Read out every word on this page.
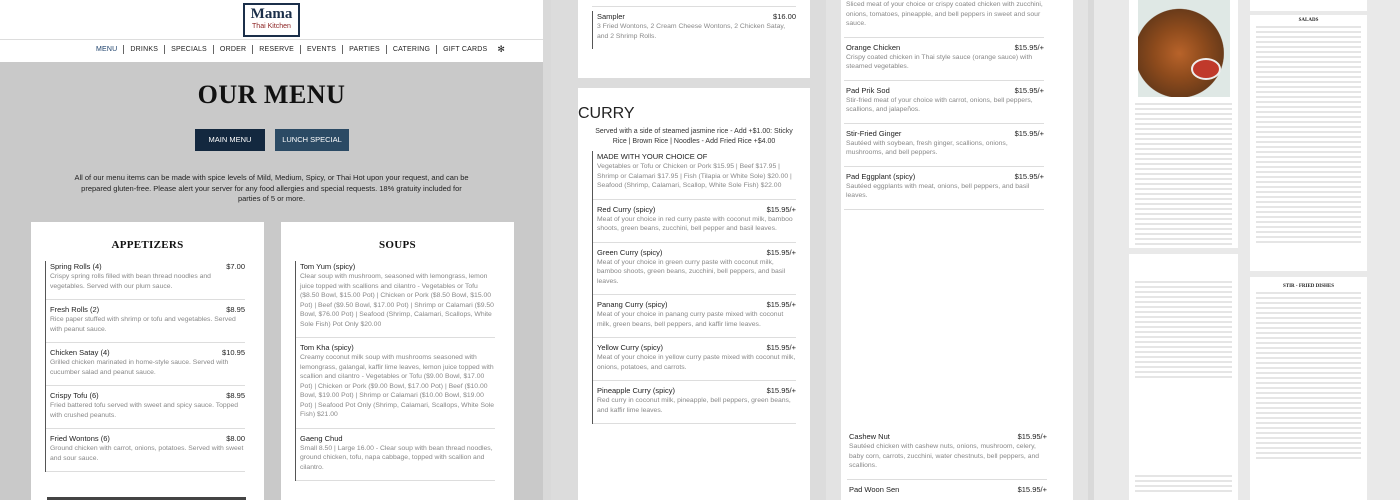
Mama
Thai Kitchen
MENU	DRINKS	SPECIALS	ORDER	RESERVE	EVENTS	PARTIES	CATERING	GIFT CARDS	✻
OUR MENU
MAIN MENU	LUNCH SPECIAL
All of our menu items can be made with spice levels of Mild, Medium, Spicy, or Thai Hot upon your request, and can be prepared gluten-free. Please alert your server for any food allergies and special requests. 18% gratuity included for parties of 5 or more.
APPETIZERS
Spring Rolls (4)	$7.00
Crispy spring rolls filled with bean thread noodles and vegetables. Served with our plum sauce.
Fresh Rolls (2)	$8.95
Rice paper stuffed with shrimp or tofu and vegetables. Served with peanut sauce.
Chicken Satay (4)	$10.95
Grilled chicken marinated in home-style sauce. Served with cucumber salad and peanut sauce.
Crispy Tofu (6)	$8.95
Fried battered tofu served with sweet and spicy sauce. Topped with crushed peanuts.
Fried Wontons (6)	$8.00
Ground chicken with carrot, onions, potatoes. Served with sweet and sour sauce.
SOUPS
Tom Yum (spicy)
Clear soup with mushroom, seasoned with lemongrass, lemon juice topped with scallions and cilantro - Vegetables or Tofu ($8.50 Bowl, $15.00 Pot) | Chicken or Pork ($8.50 Bowl, $15.00 Pot) | Beef ($9.50 Bowl, $17.00 Pot) | Shrimp or Calamari ($9.50 Bowl, $76.00 Pot) | Seafood (Shrimp, Calamari, Scallops, White Sole Fish) Pot Only $20.00
Tom Kha (spicy)
Creamy coconut milk soup with mushrooms seasoned with lemongrass, galangal, kaffir lime leaves, lemon juice topped with scallion and cilantro - Vegetables or Tofu ($9.00 Bowl, $17.00 Pot) | Chicken or Pork ($9.00 Bowl, $17.00 Pot) | Beef ($10.00 Bowl, $19.00 Pot) | Shrimp or Calamari ($10.00 Bowl, $19.00 Pot) | Seafood Pot Only (Shrimp, Calamari, Scallops, White Sole Fish) $21.00
Gaeng Chud
Small 8.50 | Large 16.00 - Clear soup with bean thread noodles, ground chicken, tofu, napa cabbage, topped with scallion and cilantro.
Sampler	$16.00
3 Fried Wontons, 2 Cream Cheese Wontons, 2 Chicken Satay, and 2 Shrimp Rolls.
CURRY
Served with a side of steamed jasmine rice - Add +$1.00: Sticky Rice | Brown Rice | Noodles - Add Fried Rice +$4.00
MADE WITH YOUR CHOICE OF
Vegetables or Tofu or Chicken or Pork $15.95 | Beef $17.95 | Shrimp or Calamari $17.95 | Fish (Tilapia or White Sole) $20.00 | Seafood (Shrimp, Calamari, Scallop, White Sole Fish) $22.00
Red Curry (spicy)	$15.95/+
Meat of your choice in red curry paste with coconut milk, bamboo shoots, green beans, zucchini, bell pepper and basil leaves.
Green Curry (spicy)	$15.95/+
Meat of your choice in green curry paste with coconut milk, bamboo shoots, green beans, zucchini, bell peppers, and basil leaves.
Panang Curry (spicy)	$15.95/+
Meat of your choice in panang curry paste mixed with coconut milk, green beans, bell peppers, and kaffir lime leaves.
Yellow Curry (spicy)	$15.95/+
Meat of your choice in yellow curry paste mixed with coconut milk, onions, potatoes, and carrots.
Pineapple Curry (spicy)	$15.95/+
Red curry in coconut milk, pineapple, bell peppers, green beans, and kaffir lime leaves.
Sliced meat of your choice or crispy coated chicken with zucchini, onions, tomatoes, pineapple, and bell peppers in sweet and sour sauce.
Orange Chicken	$15.95/+
Crispy coated chicken in Thai style sauce (orange sauce) with steamed vegetables.
Pad Prik Sod	$15.95/+
Stir-fried meat of your choice with carrot, onions, bell peppers, scallions, and jalapeños.
Stir-Fried Ginger	$15.95/+
Sautéed with soybean, fresh ginger, scallions, onions, mushrooms, and bell peppers.
Pad Eggplant (spicy)	$15.95/+
Sautéed eggplants with meat, onions, bell peppers, and basil leaves.
Cashew Nut	$15.95/+
Sautéed chicken with cashew nuts, onions, mushroom, celery, baby corn, carrots, zucchini, water chestnuts, bell peppers, and scallions.
Pad Woon Sen	$15.95/+
SALADS
STIR - FRIED DISHES
